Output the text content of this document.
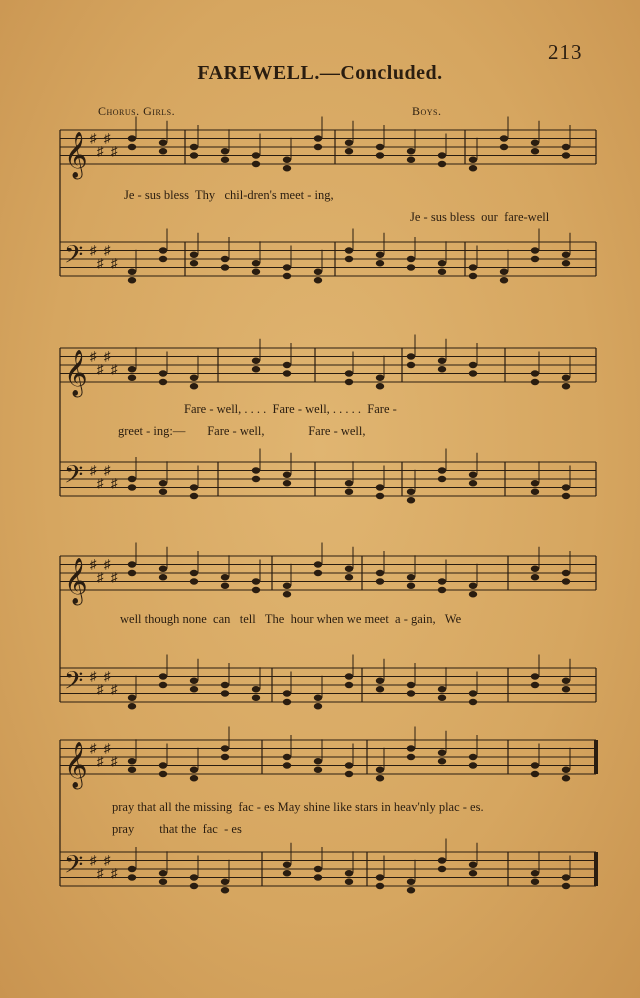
213
FAREWELL.—Concluded.
Chorus. Girls.	Boys.
𝄞 ♯
♯
♯
♯
𝄢 ♯
♯
♯
♯
𝄞 ♯
♯
♯
♯
𝄢 ♯
♯
♯
♯
𝄞 ♯
♯
♯
♯
𝄢 ♯
♯
♯
♯
𝄞 ♯
♯
♯
♯
𝄢 ♯
♯
♯
♯
Je - sus bless  Thy   chil-dren's meet - ing,
Je - sus bless  our  fare-well
Fare - well, . . . .  Fare - well, . . . . .  Fare -
greet - ing:—       Fare - well,              Fare - well,
well though none  can   tell   The  hour when we meet  a - gain,   We
pray that all the missing  fac - es May shine like stars in heav'nly plac - es.
pray        that the  fac  - es
